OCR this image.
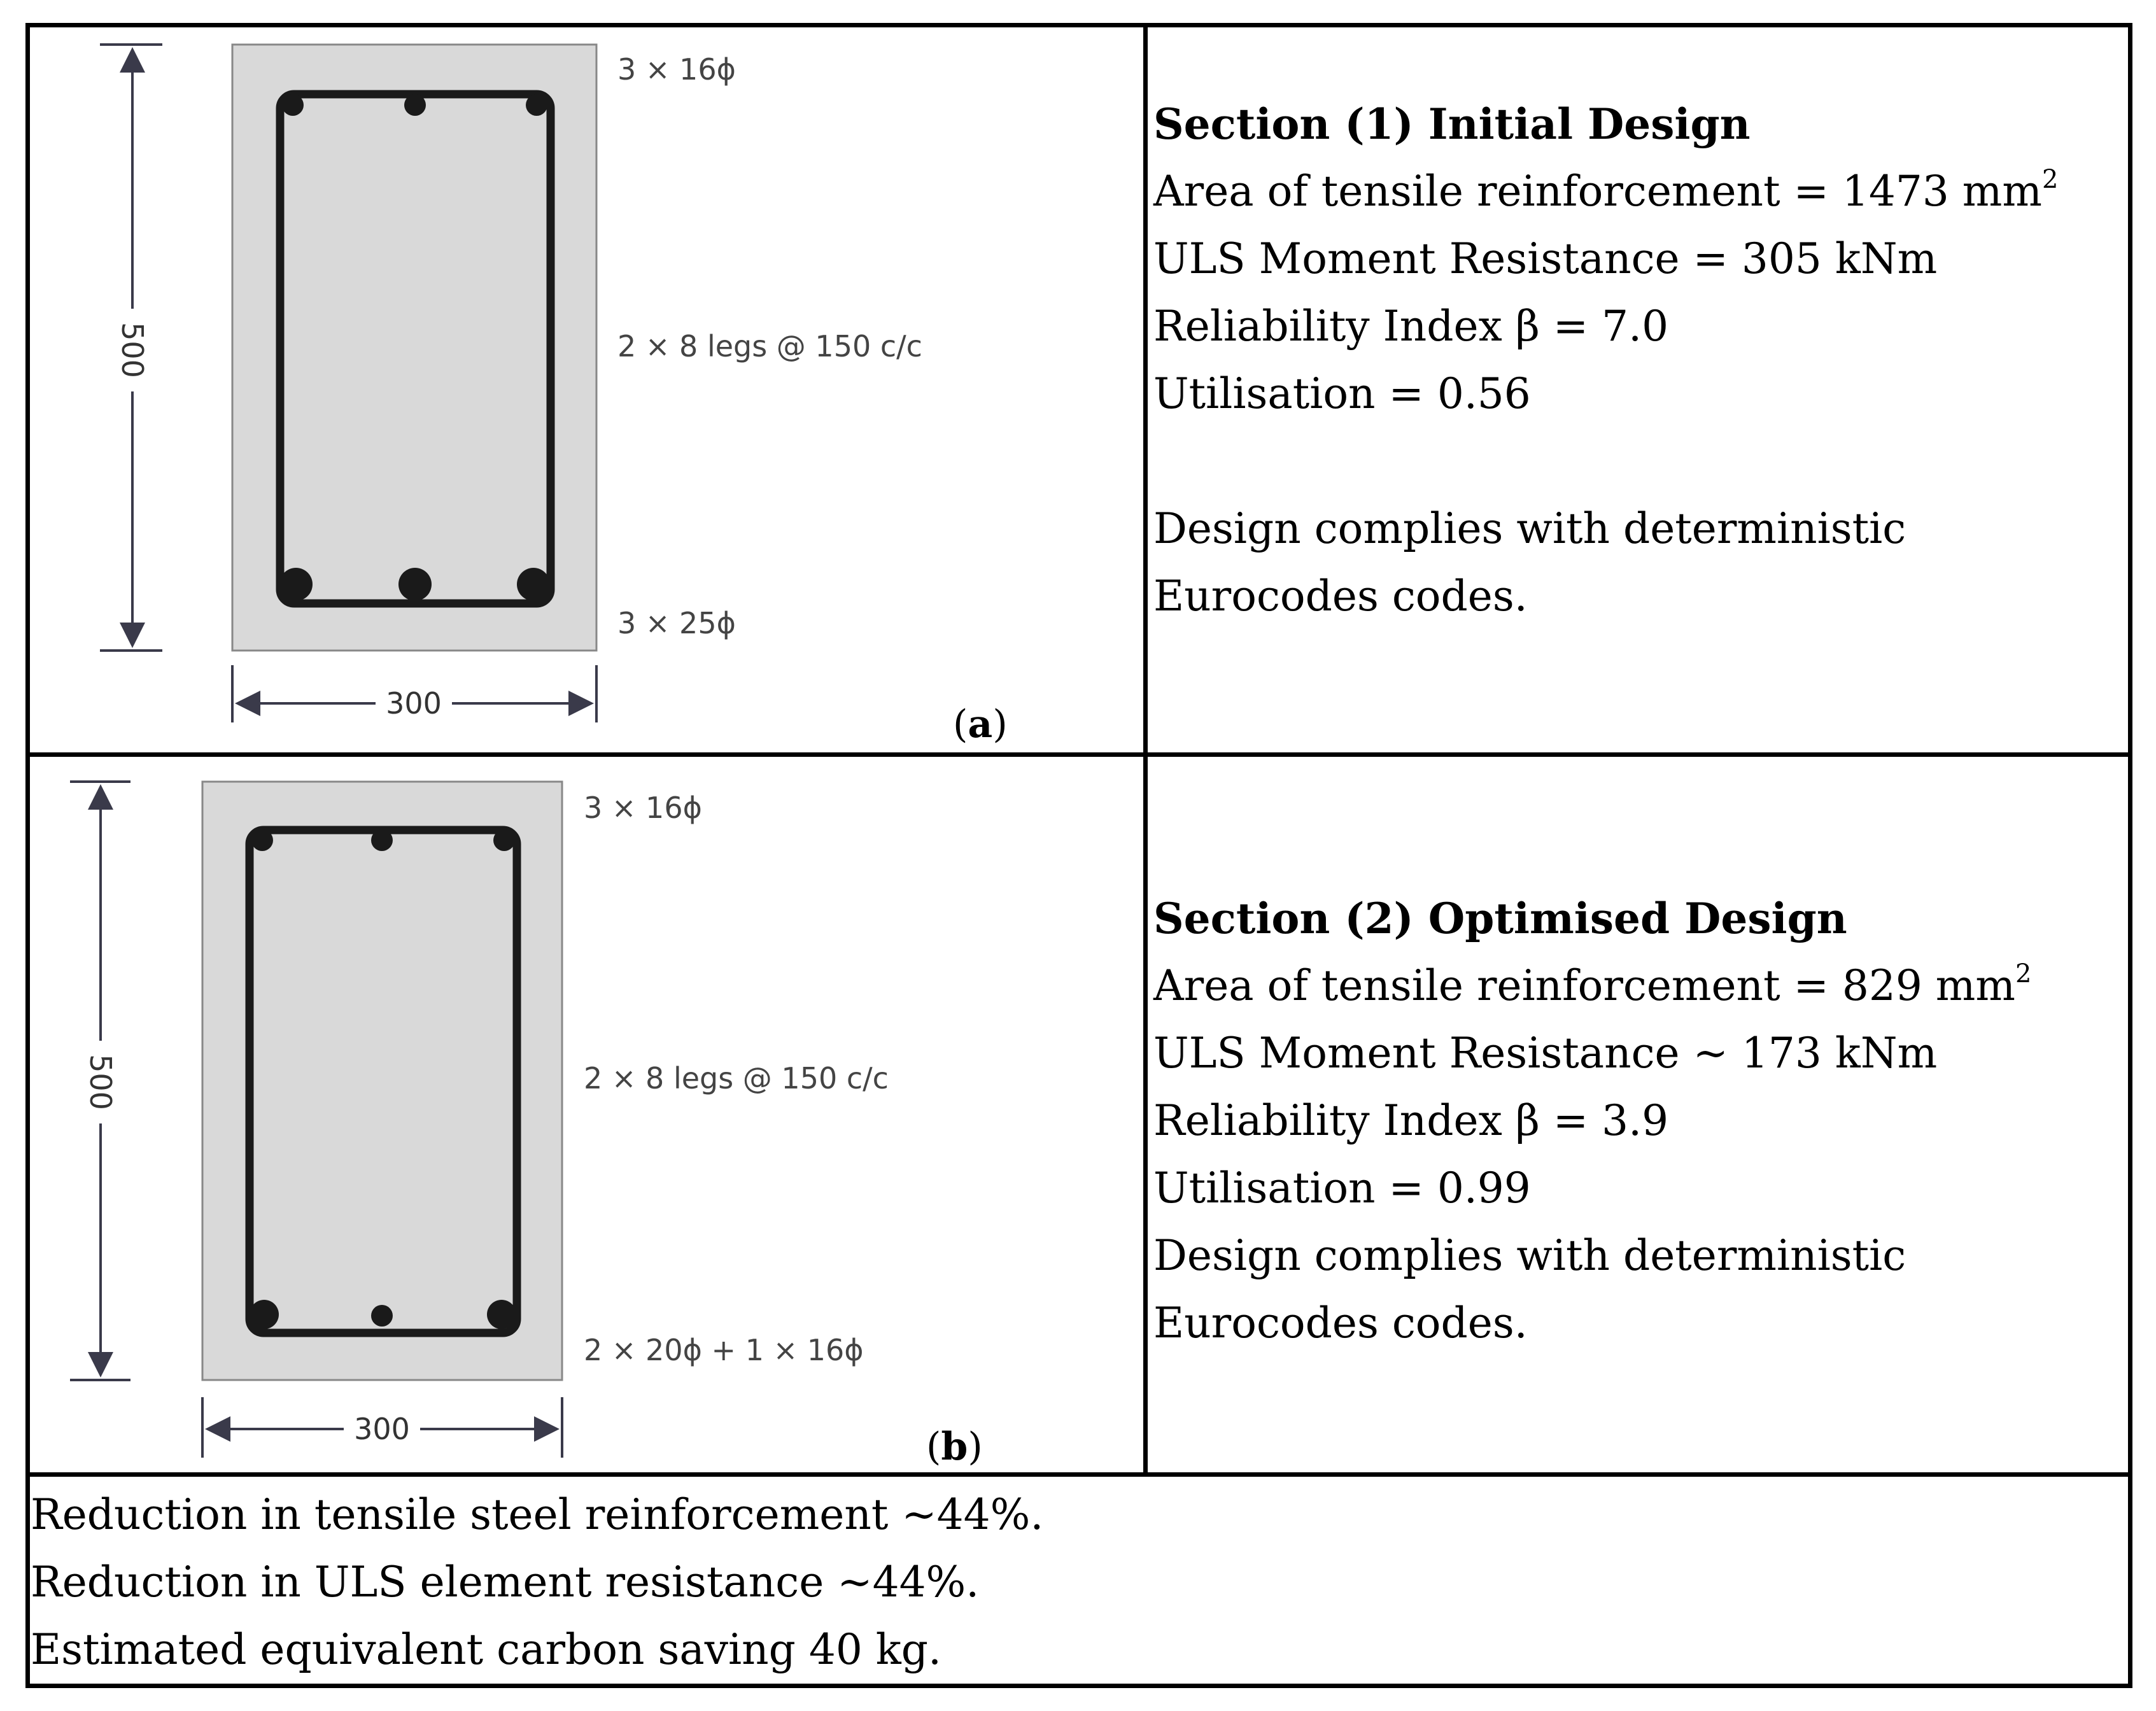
500
300
3 × 16ϕ
2 × 8 legs @ 150 c/c
3 × 25ϕ
(a)
500
300
3 × 16ϕ
2 × 8 legs @ 150 c/c
2 × 20ϕ + 1 × 16ϕ
(b)
Section (1) Initial Design
Area of tensile reinforcement = 1473 $mm^2$
ULS Moment Resistance = 305 kNm
Reliability Index β = 7.0
Utilisation = 0.56

Design complies with deterministic
Eurocodes codes.
Section (2) Optimised Design
Area of tensile reinforcement = 829 $mm^2$
ULS Moment Resistance ~ 173 kNm
Reliability Index β = 3.9
Utilisation = 0.99
Design complies with deterministic
Eurocodes codes.
Reduction in tensile steel reinforcement ~44%.
Reduction in ULS element resistance ~44%.
Estimated equivalent carbon saving 40 kg.
